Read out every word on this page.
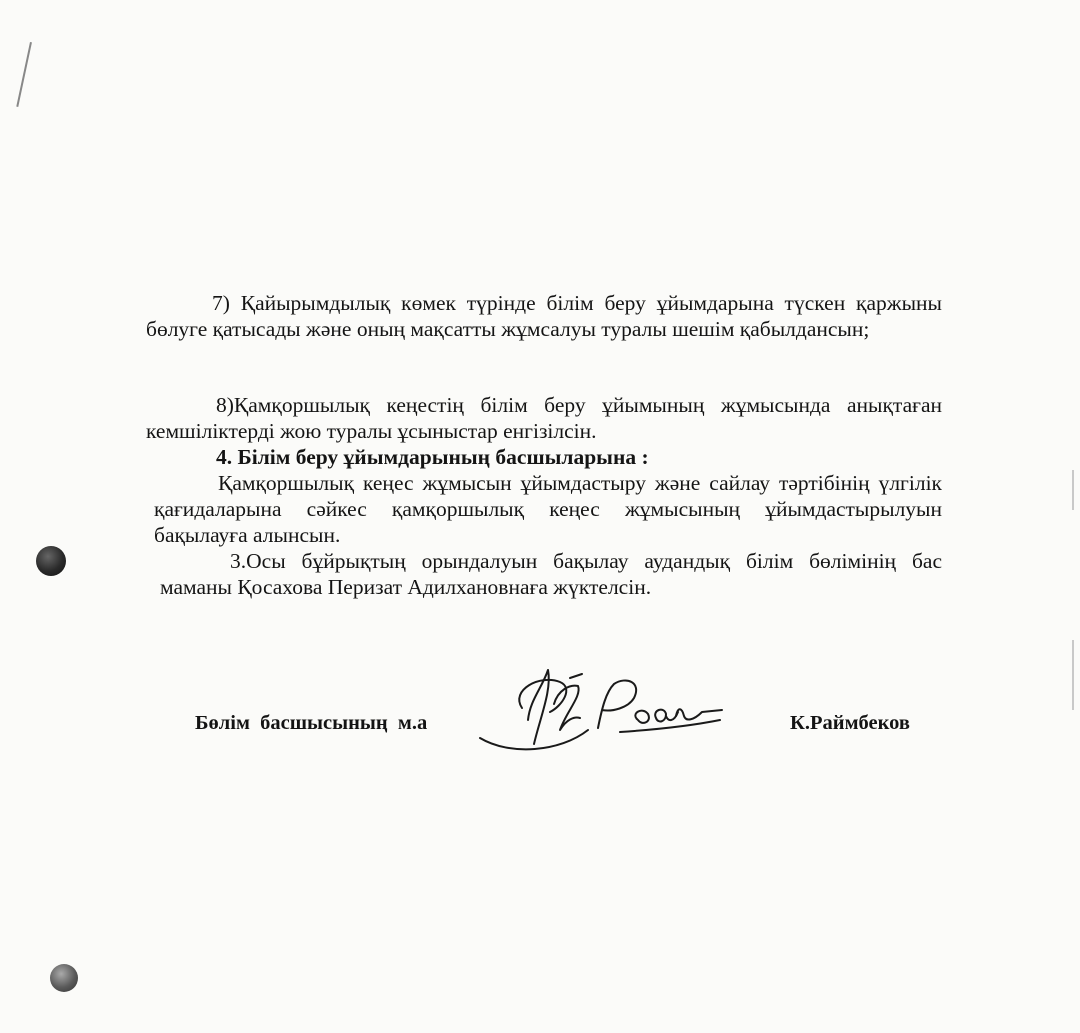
7) Қайырымдылық көмек түрінде білім беру ұйымдарына түскен қаржыны бөлуге қатысады және оның мақсатты жұмсалуы туралы шешім қабылдансын;
8)Қамқоршылық кеңестің білім беру ұйымының жұмысында анықтаған кемшіліктерді жою туралы ұсыныстар енгізілсін.
4. Білім беру ұйымдарының басшыларына :
Қамқоршылық кеңес жұмысын ұйымдастыру және сайлау тәртібінің үлгілік қағидаларына сәйкес қамқоршылық кеңес жұмысының ұйымдастырылуын бақылауға алынсын.
3.Осы бұйрықтың орындалуын бақылау аудандық білім бөлімінің бас маманы Қосахова Перизат Адилхановнаға жүктелсін.
Бөлім басшысының м.а	К.Раймбеков
